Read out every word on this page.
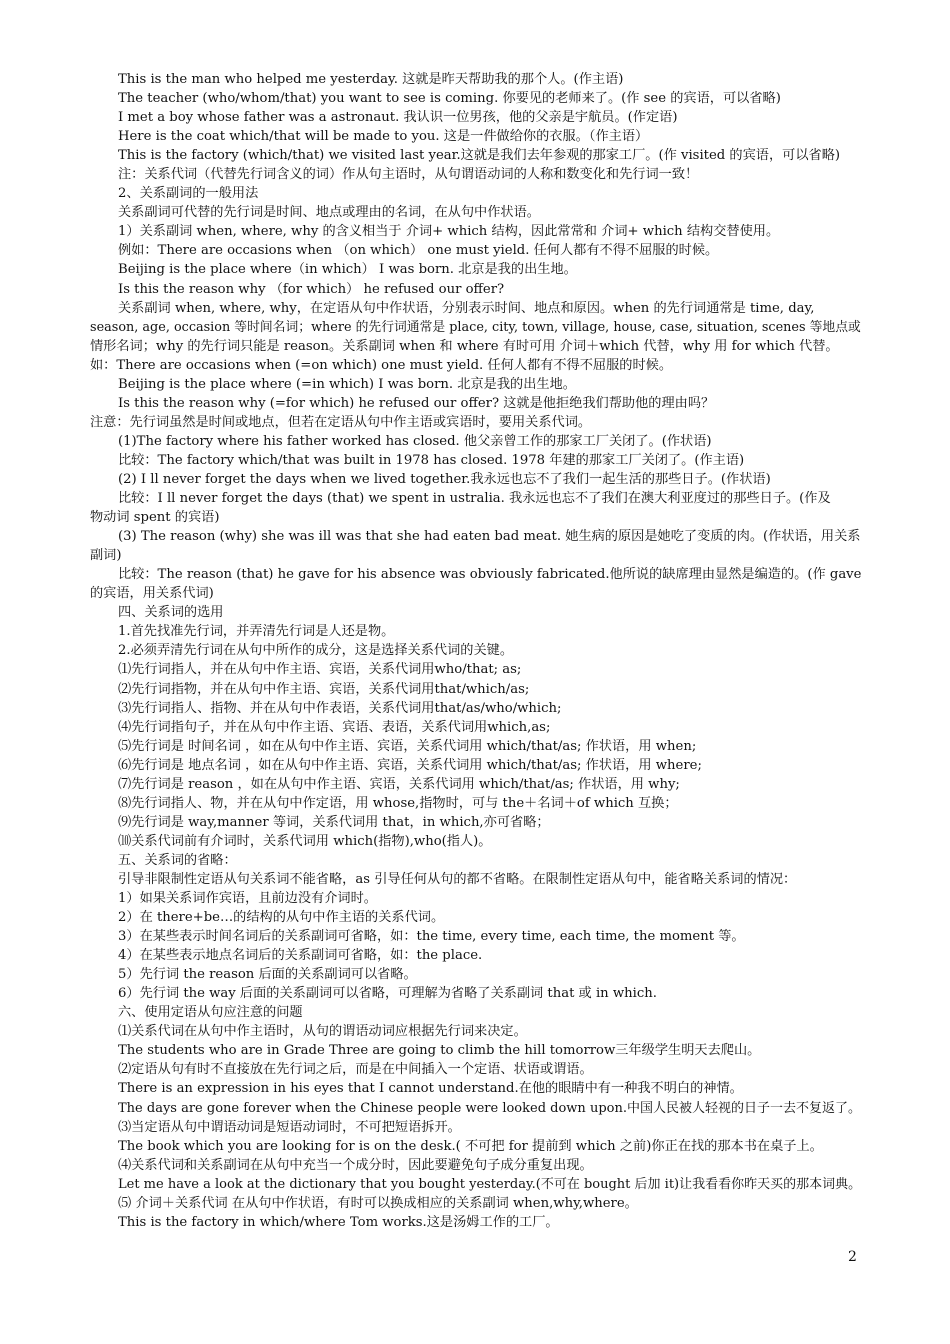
This is the man who helped me yesterday. 这就是昨天帮助我的那个人。(作主语)
The teacher (who/whom/that) you want to see is coming. 你要见的老师来了。(作 see 的宾语，可以省略)
I met a boy whose father was a astronaut. 我认识一位男孩，他的父亲是宇航员。(作定语)
Here is the coat which/that will be made to you. 这是一件做给你的衣服。（作主语）
This is the factory (which/that) we visited last year.这就是我们去年参观的那家工厂。(作 visited 的宾语，可以省略)
注：关系代词（代替先行词含义的词）作从句主语时，从句谓语动词的人称和数变化和先行词一致！
2、关系副词的一般用法
关系副词可代替的先行词是时间、地点或理由的名词，在从句中作状语。
1）关系副词 when, where, why 的含义相当于 介词+ which 结构，因此常常和 介词+ which 结构交替使用。
例如：There are occasions when （on which） one must yield. 任何人都有不得不屈服的时候。
Beijing is the place where（in which） I was born. 北京是我的出生地。
Is this the reason why （for which） he refused our offer?
关系副词 when, where, why，在定语从句中作状语，分别表示时间、地点和原因。when 的先行词通常是 time, day,
season, age, occasion 等时间名词；where 的先行词通常是 place, city, town, village, house, case, situation, scenes 等地点或
情形名词；why 的先行词只能是 reason。关系副词 when 和 where 有时可用 介词＋which 代替，why 用 for which 代替。
如：There are occasions when (=on which) one must yield. 任何人都有不得不屈服的时候。
Beijing is the place where (=in which) I was born. 北京是我的出生地。
Is this the reason why (=for which) he refused our offer? 这就是他拒绝我们帮助他的理由吗？
注意：先行词虽然是时间或地点，但若在定语从句中作主语或宾语时，要用关系代词。
(1)The factory where his father worked has closed. 他父亲曾工作的那家工厂关闭了。(作状语)
比较：The factory which/that was built in 1978 has closed. 1978 年建的那家工厂关闭了。(作主语)
(2) I ll never forget the days when we lived together.我永远也忘不了我们一起生活的那些日子。(作状语)
比较：I ll never forget the days (that) we spent in ustralia. 我永远也忘不了我们在澳大利亚度过的那些日子。(作及
物动词 spent 的宾语)
(3) The reason (why) she was ill was that she had eaten bad meat. 她生病的原因是她吃了变质的肉。(作状语，用关系
副词)
比较：The reason (that) he gave for his absence was obviously fabricated.他所说的缺席理由显然是编造的。(作 gave
的宾语，用关系代词)
四、关系词的选用
1.首先找准先行词，并弄清先行词是人还是物。
2.必须弄清先行词在从句中所作的成分，这是选择关系代词的关键。
⑴先行词指人，并在从句中作主语、宾语，关系代词用who/that; as;
⑵先行词指物，并在从句中作主语、宾语，关系代词用that/which/as;
⑶先行词指人、指物、并在从句中作表语，关系代词用that/as/who/which;
⑷先行词指句子，并在从句中作主语、宾语、表语，关系代词用which,as;
⑸先行词是 时间名词 ，如在从句中作主语、宾语，关系代词用 which/that/as; 作状语，用 when;
⑹先行词是 地点名词 ，如在从句中作主语、宾语，关系代词用 which/that/as; 作状语，用 where;
⑺先行词是 reason ，如在从句中作主语、宾语，关系代词用 which/that/as; 作状语，用 why;
⑻先行词指人、物，并在从句中作定语，用 whose,指物时，可与 the＋名词＋of which 互换；
⑼先行词是 way,manner 等词，关系代词用 that，in which,亦可省略；
⑽关系代词前有介词时，关系代词用 which(指物),who(指人)。
五、关系词的省略：
引导非限制性定语从句关系词不能省略，as 引导任何从句的都不省略。在限制性定语从句中，能省略关系词的情况：
1）如果关系词作宾语，且前边没有介词时。
2）在 there+be…的结构的从句中作主语的关系代词。
3）在某些表示时间名词后的关系副词可省略，如：the time, every time, each time, the moment 等。
4）在某些表示地点名词后的关系副词可省略，如：the place.
5）先行词 the reason 后面的关系副词可以省略。
6）先行词 the way 后面的关系副词可以省略，可理解为省略了关系副词 that 或 in which.
六、使用定语从句应注意的问题
⑴关系代词在从句中作主语时，从句的谓语动词应根据先行词来决定。
The students who are in Grade Three are going to climb the hill tomorrow三年级学生明天去爬山。
⑵定语从句有时不直接放在先行词之后，而是在中间插入一个定语、状语或谓语。
There is an expression in his eyes that I cannot understand.在他的眼睛中有一种我不明白的神情。
The days are gone forever when the Chinese people were looked down upon.中国人民被人轻视的日子一去不复返了。
⑶当定语从句中谓语动词是短语动词时，不可把短语拆开。
The book which you are looking for is on the desk.( 不可把 for 提前到 which 之前)你正在找的那本书在桌子上。
⑷关系代词和关系副词在从句中充当一个成分时，因此要避免句子成分重复出现。
Let me have a look at the dictionary that you bought yesterday.(不可在 bought 后加 it)让我看看你昨天买的那本词典。
⑸ 介词＋关系代词 在从句中作状语，有时可以换成相应的关系副词 when,why,where。
This is the factory in which/where Tom works.这是汤姆工作的工厂。
2
